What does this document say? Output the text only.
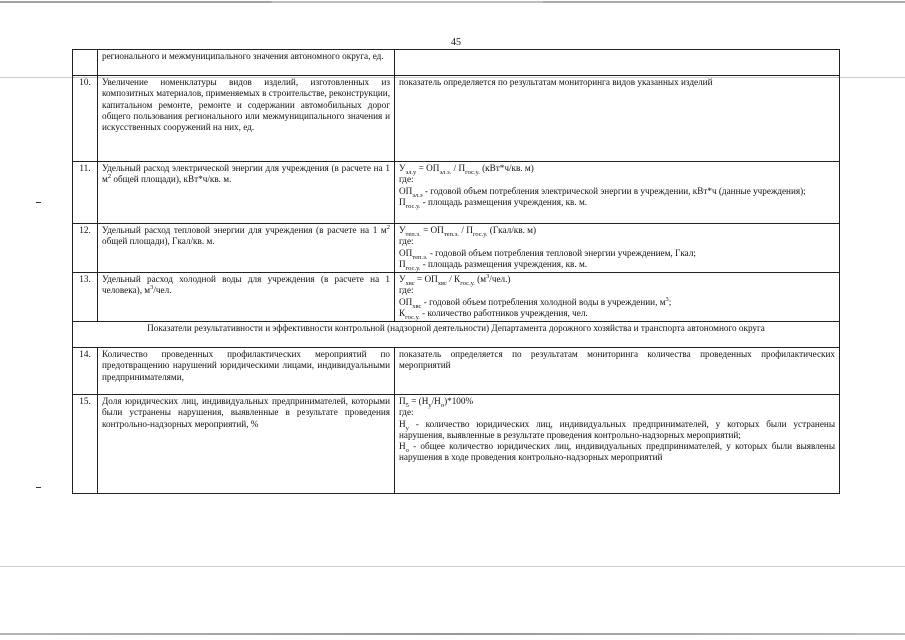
45
	регионального и межмуниципального значения автономного округа, ед.	
10.	Увеличение номенклатуры видов изделий, изготовленных из композитных материалов, применяемых в строительстве, реконструкции, капитальном ремонте, ремонте и содержании автомобильных дорог общего пользования регионального или межмуниципального значения и искусственных сооружений на них, ед.	показатель определяется по результатам мониторинга видов указанных изделий
11.	Удельный расход электрической энергии для учреждения (в расчете на 1 $м^2$ общей площади), кВт*ч/кв. м.	$У_{эл.у} = ОП_{эл.э.} / П_{гос.у.}$ (кВт*ч/кв. м)
где:
$ОП_{эл.э}$ - годовой объем потребления электрической энергии в учреждении, кВт*ч (данные учреждения);
$П_{гос.у.}$ - площадь размещения учреждения, кв. м.

12.	Удельный расход тепловой энергии для учреждения (в расчете на 1 $м^2$ общей площади), Гкал/кв. м.	$У_{теп.э.} = ОП_{теп.э.} / П_{гос.у.}$ (Гкал/кв. м)
где:
$ОП_{теп.э.}$ - годовой объем потребления тепловой энергии учреждением, Гкал;
$П_{гос.у.}$ - площадь размещения учреждения, кв. м.

13.	Удельный расход холодной воды для учреждения (в расчете на 1 человека), $м^3$/чел.	$У_{хвс} = ОП_{хвс} / К_{гос.у.}$ $(м^3/чел.)$
где:
$ОП_{хвс}$ - годовой объем потребления холодной воды в учреждении, $м^3$;
$К_{гос.у.}$ - количество работников учреждения, чел.

Показатели результативности и эффективности контрольной (надзорной деятельности) Департамента дорожного хозяйства и транспорта автономного округа		
14.	Количество проведенных профилактических мероприятий по предотвращению нарушений юридическими лицами, индивидуальными предпринимателями,	показатель определяется по результатам мониторинга количества проведенных профилактических мероприятий
15.	Доля юридических лиц, индивидуальных предпринимателей, которыми были устранены нарушения, выявленные в результате проведения контрольно-надзорных мероприятий, %	$П_5 = (Н_у/Н_о)*100\%$
где:
$Н_у$ - количество юридических лиц, индивидуальных предпринимателей, у которых были устранены нарушения, выявленные в результате проведения контрольно-надзорных мероприятий;
$Н_о$ - общее количество юридических лиц, индивидуальных предпринимателей, у которых были выявлены нарушения в ходе проведения контрольно-надзорных мероприятий
